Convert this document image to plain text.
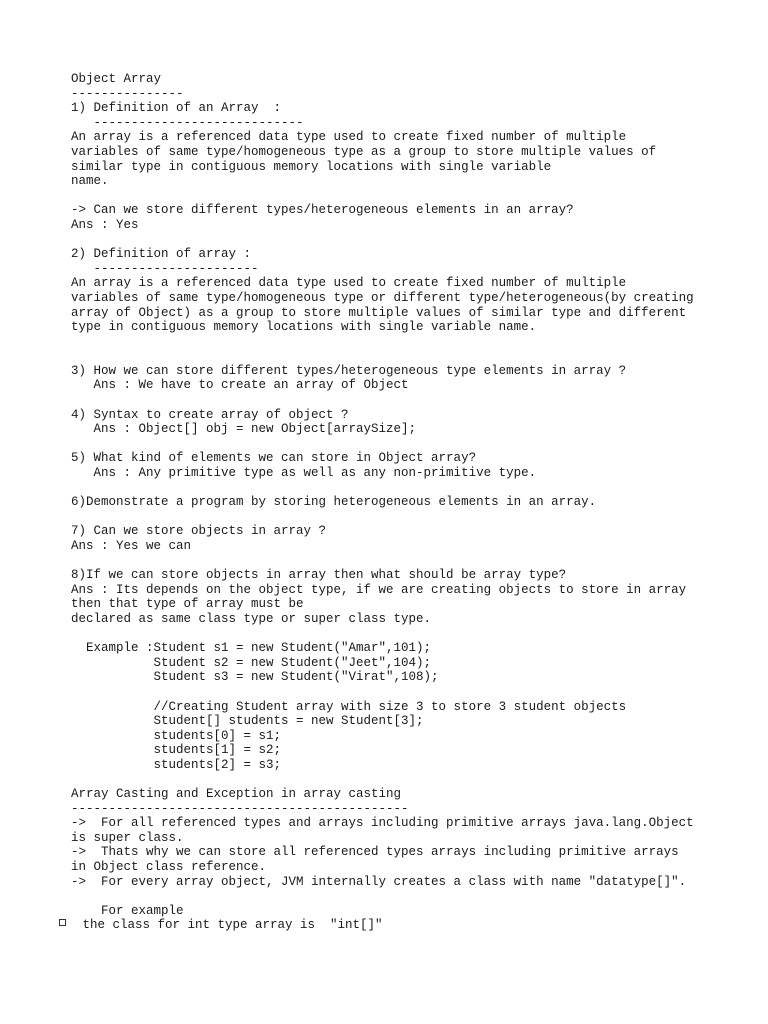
Object Array
---------------
1) Definition of an Array  :
----------------------------
An array is a referenced data type used to create fixed number of multiple
variables of same type/homogeneous type as a group to store multiple values of
similar type in contiguous memory locations with single variable
name.
-> Can we store different types/heterogeneous elements in an array?
Ans : Yes
2) Definition of array :
----------------------
An array is a referenced data type used to create fixed number of multiple
variables of same type/homogeneous type or different type/heterogeneous(by creating
array of Object) as a group to store multiple values of similar type and different
type in contiguous memory locations with single variable name.
3) How we can store different types/heterogeneous type elements in array ?
Ans : We have to create an array of Object
4) Syntax to create array of object ?
Ans : Object[] obj = new Object[arraySize];
5) What kind of elements we can store in Object array?
Ans : Any primitive type as well as any non-primitive type.
6)Demonstrate a program by storing heterogeneous elements in an array.
7) Can we store objects in array ?
Ans : Yes we can
8)If we can store objects in array then what should be array type?
Ans : Its depends on the object type, if we are creating objects to store in array
then that type of array must be
declared as same class type or super class type.
Example :Student s1 = new Student("Amar",101);
Student s2 = new Student("Jeet",104);
Student s3 = new Student("Virat",108);
//Creating Student array with size 3 to store 3 student objects
Student[] students = new Student[3];
students[0] = s1;
students[1] = s2;
students[2] = s3;
Array Casting and Exception in array casting
---------------------------------------------
->  For all referenced types and arrays including primitive arrays java.lang.Object
is super class.
->  Thats why we can store all referenced types arrays including primitive arrays
in Object class reference.
->  For every array object, JVM internally creates a class with name "datatype[]".
For example
the class for int type array is  "int[]"
